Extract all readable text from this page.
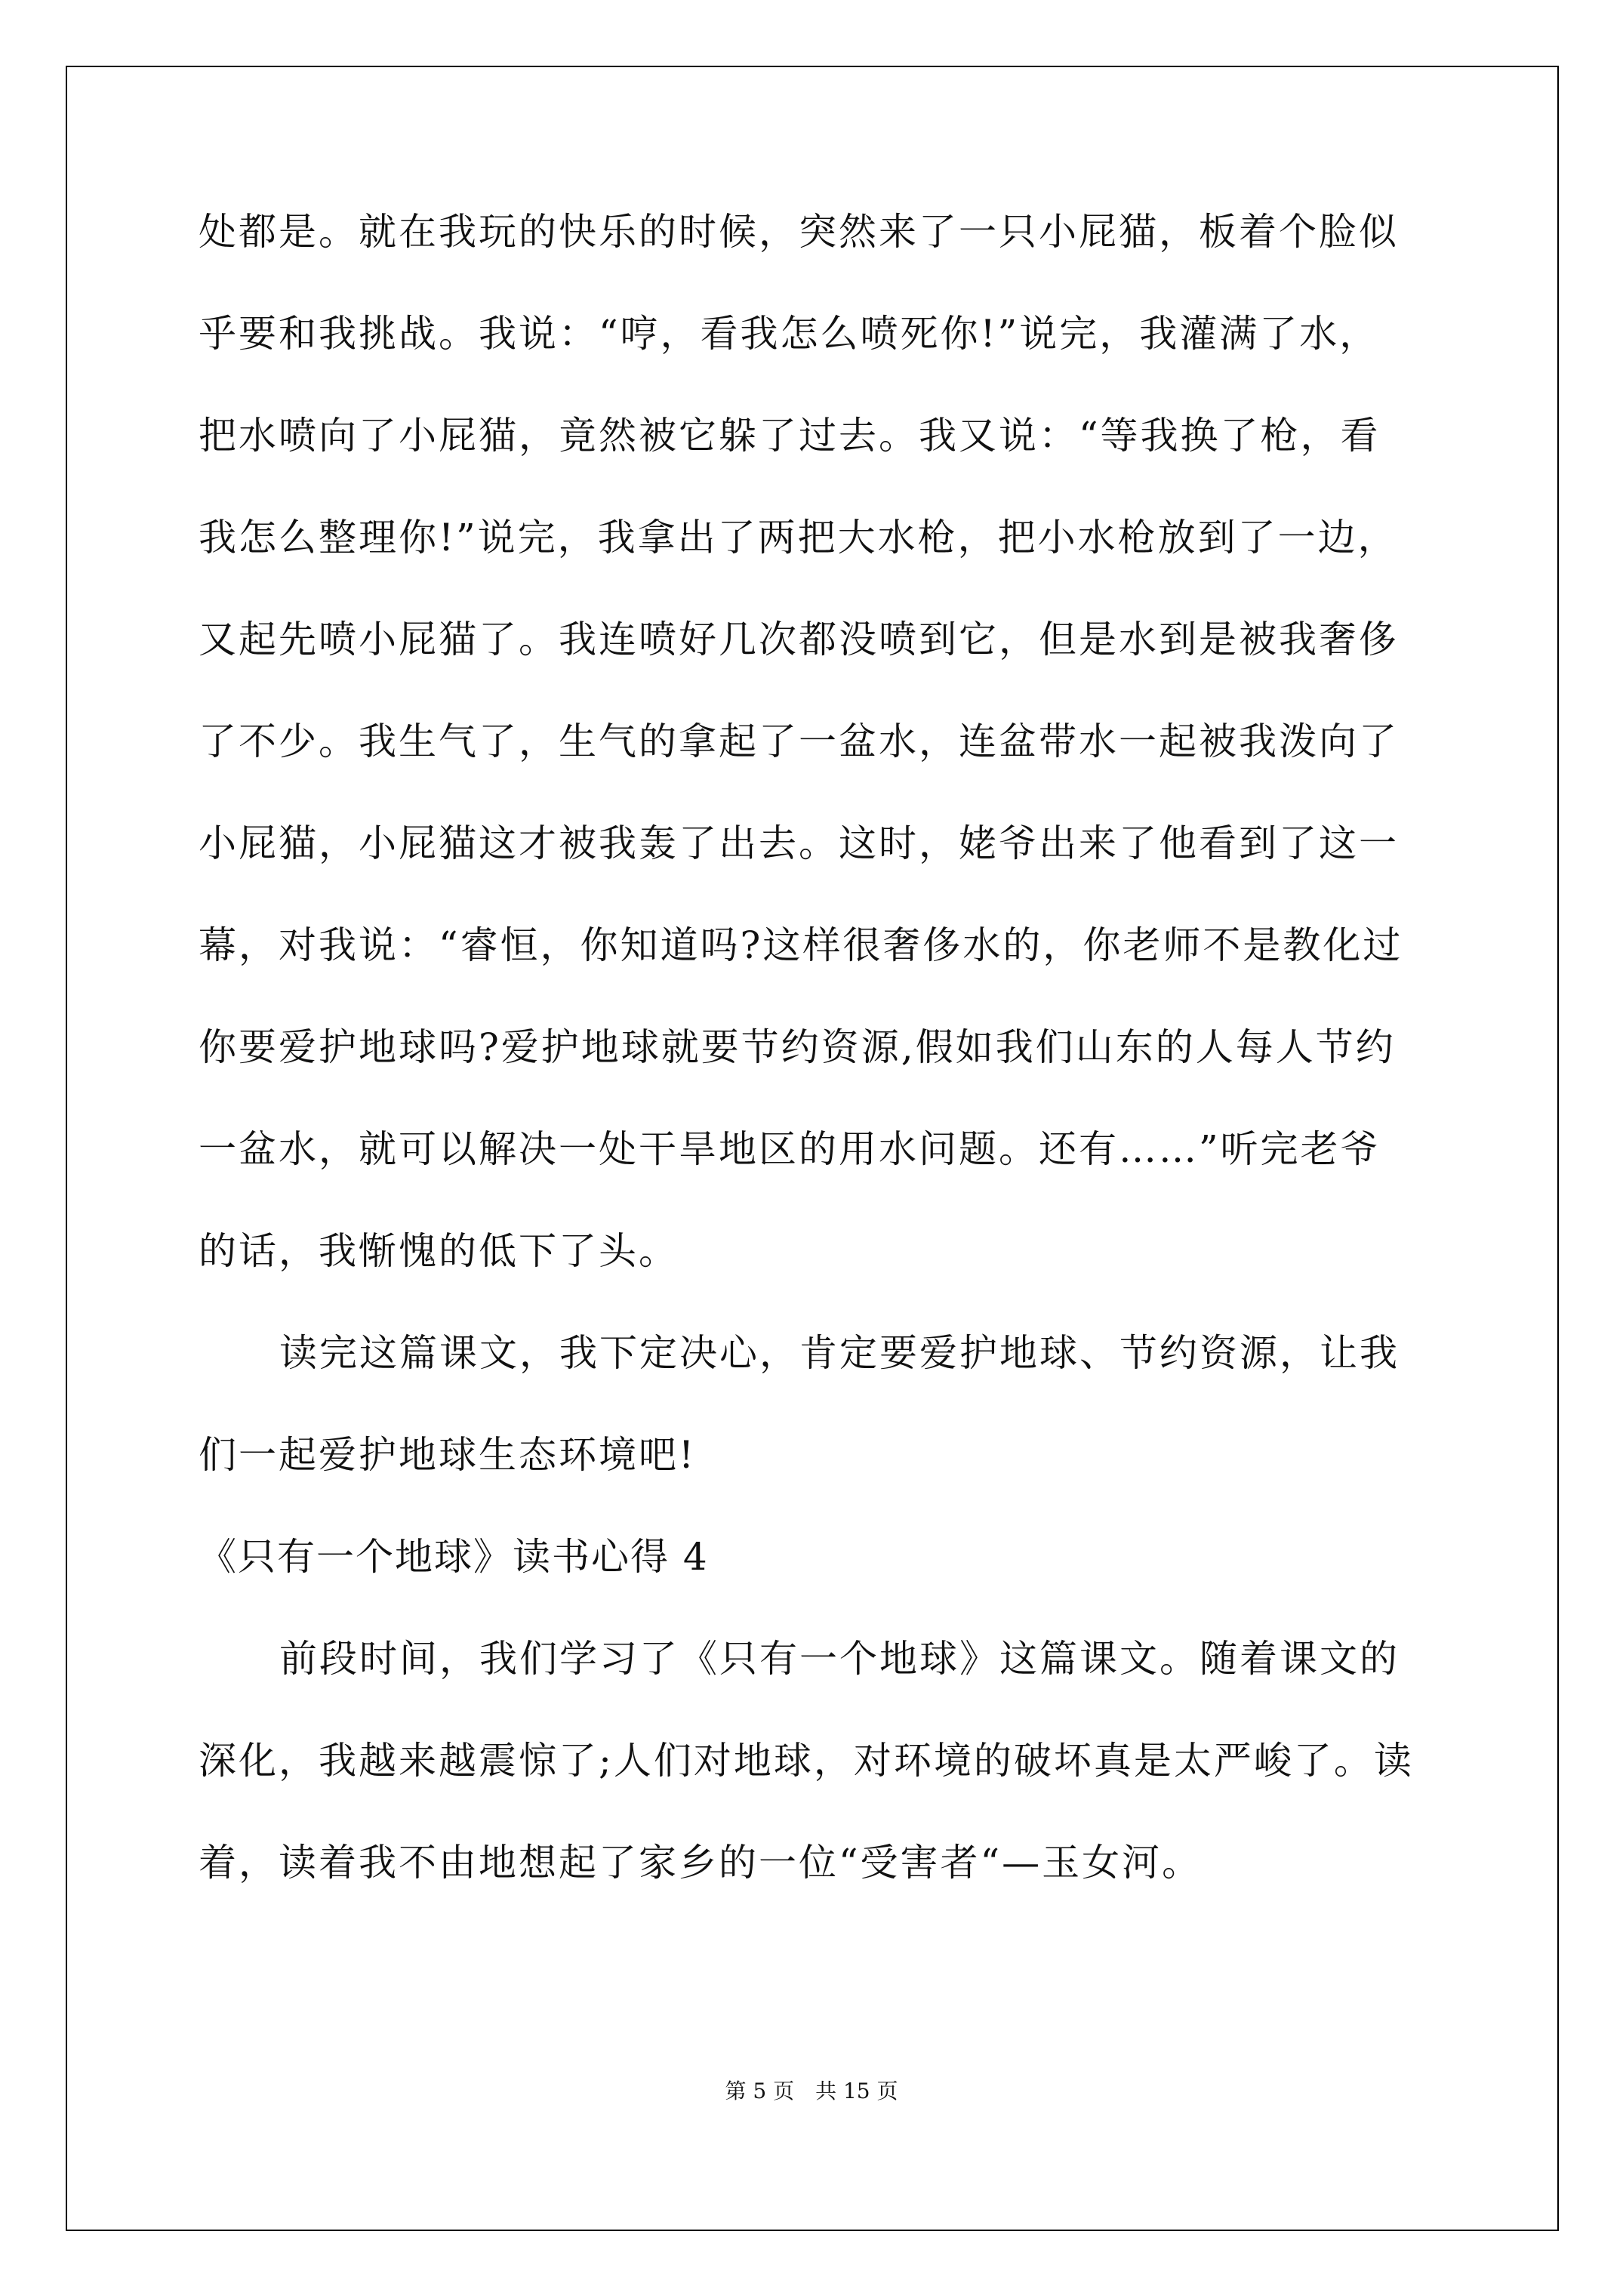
处都是。就在我玩的快乐的时候，突然来了一只小屁猫，板着个脸似

乎要和我挑战。我说：“哼，看我怎么喷死你!”说完，我灌满了水，

把水喷向了小屁猫，竟然被它躲了过去。我又说：“等我换了枪，看

我怎么整理你!”说完，我拿出了两把大水枪，把小水枪放到了一边，

又起先喷小屁猫了。我连喷好几次都没喷到它，但是水到是被我奢侈

了不少。我生气了，生气的拿起了一盆水，连盆带水一起被我泼向了

小屁猫，小屁猫这才被我轰了出去。这时，姥爷出来了他看到了这一

幕，对我说：“睿恒，你知道吗?这样很奢侈水的，你老师不是教化过

你要爱护地球吗?爱护地球就要节约资源,假如我们山东的人每人节约

一盆水，就可以解决一处干旱地区的用水问题。还有……”听完老爷

的话，我惭愧的低下了头。

读完这篇课文，我下定决心，肯定要爱护地球、节约资源，让我

们一起爱护地球生态环境吧!

《只有一个地球》读书心得 4

前段时间，我们学习了《只有一个地球》这篇课文。随着课文的

深化，我越来越震惊了;人们对地球，对环境的破坏真是太严峻了。读

着，读着我不由地想起了家乡的一位“受害者“—玉女河。

第 5 页 共 15 页
